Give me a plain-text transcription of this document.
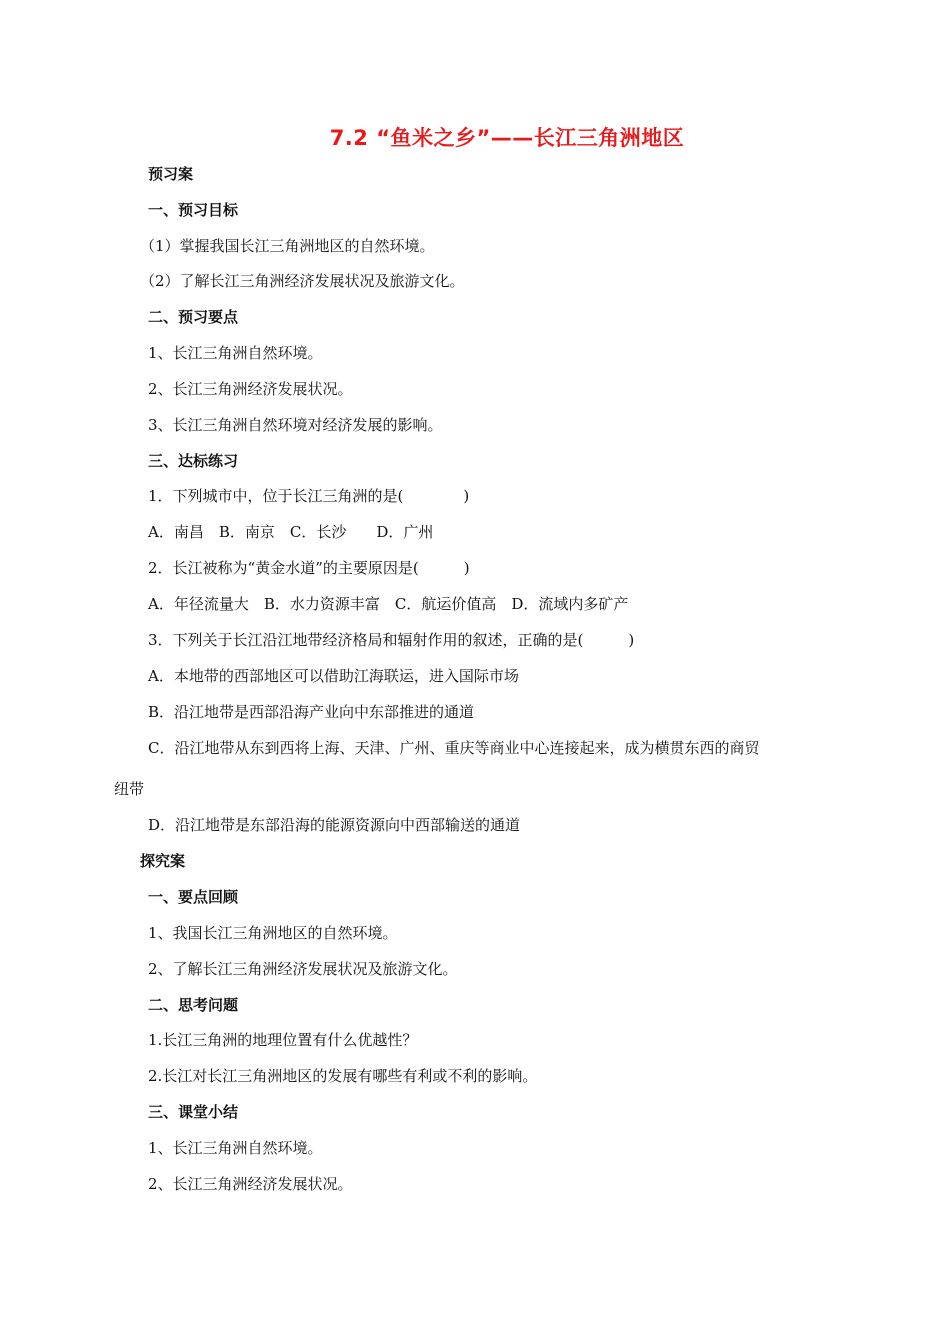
7.2 “鱼米之乡”——长江三角洲地区
预习案
一、预习目标
（1）掌握我国长江三角洲地区的自然环境。
（2）了解长江三角洲经济发展状况及旅游文化。
二、预习要点
1、长江三角洲自然环境。
2、长江三角洲经济发展状况。
3、长江三角洲自然环境对经济发展的影响。
三、达标练习
1．下列城市中，位于长江三角洲的是(　　　　)
A．南昌　B．南京　C．长沙　　D．广州
2．长江被称为“黄金水道”的主要原因是(　　　)
A．年径流量大　B．水力资源丰富　C．航运价值高　D．流域内多矿产
3．下列关于长江沿江地带经济格局和辐射作用的叙述，正确的是(　　　)
A．本地带的西部地区可以借助江海联运，进入国际市场
B．沿江地带是西部沿海产业向中东部推进的通道
C．沿江地带从东到西将上海、天津、广州、重庆等商业中心连接起来，成为横贯东西的商贸
纽带
D．沿江地带是东部沿海的能源资源向中西部输送的通道
探究案
一、要点回顾
1、我国长江三角洲地区的自然环境。
2、了解长江三角洲经济发展状况及旅游文化。
二、思考问题
1.长江三角洲的地理位置有什么优越性？
2.长江对长江三角洲地区的发展有哪些有利或不利的影响。
三、课堂小结
1、长江三角洲自然环境。
2、长江三角洲经济发展状况。
